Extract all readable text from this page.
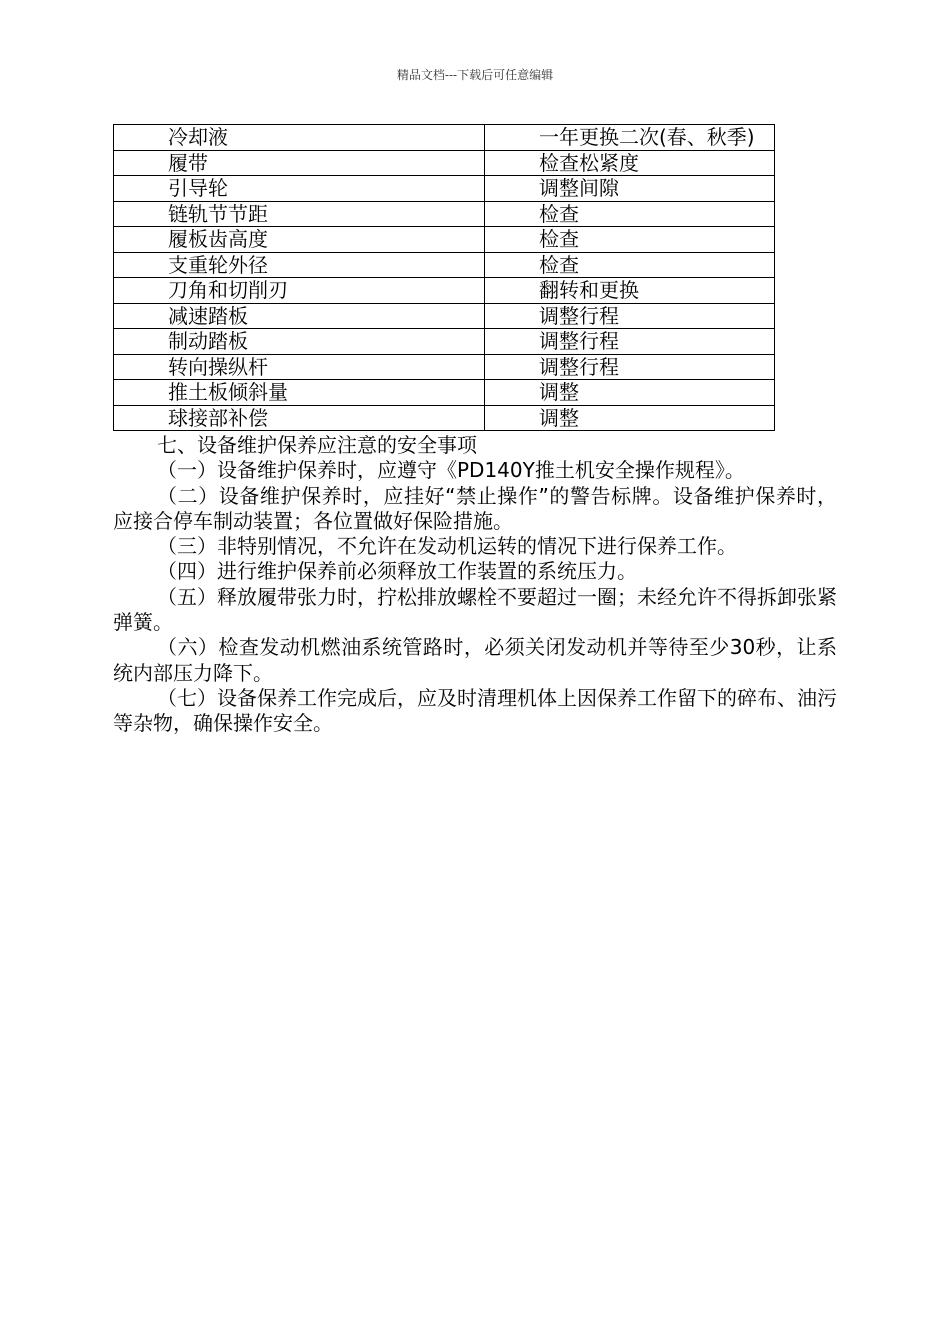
精品文档---下载后可任意编辑
冷却液	一年更换二次(春、秋季)
履带	检查松紧度
引导轮	调整间隙
链轨节节距	检查
履板齿高度	检查
支重轮外径	检查
刀角和切削刃	翻转和更换
减速踏板	调整行程
制动踏板	调整行程
转向操纵杆	调整行程
推土板倾斜量	调整
球接部补偿	调整

七、设备维护保养应注意的安全事项

（一）设备维护保养时，应遵守《PD140Y推土机安全操作规程》。

（二）设备维护保养时，应挂好“禁止操作”的警告标牌。设备维护保养时，应接合停车制动装置；各位置做好保险措施。

（三）非特别情况，不允许在发动机运转的情况下进行保养工作。

（四）进行维护保养前必须释放工作装置的系统压力。

（五）释放履带张力时，拧松排放螺栓不要超过一圈；未经允许不得拆卸张紧弹簧。

（六）检查发动机燃油系统管路时，必须关闭发动机并等待至少30秒，让系统内部压力降下。

（七）设备保养工作完成后，应及时清理机体上因保养工作留下的碎布、油污等杂物，确保操作安全。
